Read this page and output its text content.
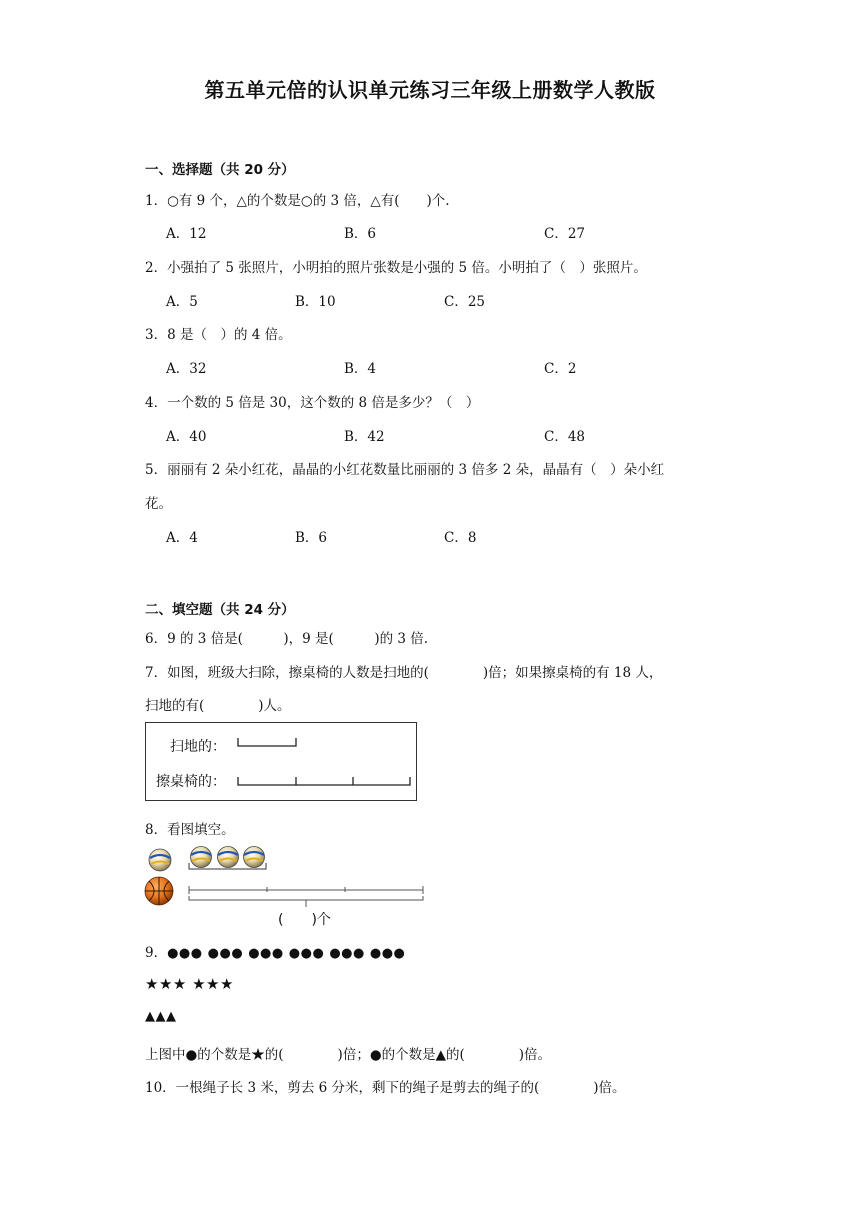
第五单元倍的认识单元练习三年级上册数学人教版
一、选择题（共 20 分）
1．○有 9 个，△的个数是○的 3 倍，△有(　　)个.
A．12	B．6	C．27
2．小强拍了 5 张照片，小明拍的照片张数是小强的 5 倍。小明拍了（　）张照片。
A．5	B．10	C．25
3．8 是（　）的 4 倍。
A．32	B．4	C．2
4．一个数的 5 倍是 30，这个数的 8 倍是多少？（　）
A．40	B．42	C．48
5．丽丽有 2 朵小红花，晶晶的小红花数量比丽丽的 3 倍多 2 朵，晶晶有（　）朵小红
花。
A．4	B．6	C．8
二、填空题（共 24 分）
6．9 的 3 倍是(　　　)，9 是(　　　)的 3 倍.
7．如图，班级大扫除，擦桌椅的人数是扫地的(　　　　)倍；如果擦桌椅的有 18 人，
扫地的有(　　　　)人。
扫地的：
擦桌椅的：
8．看图填空。
(　　)个
9．●●● ●●● ●●● ●●● ●●● ●●●
★★★ ★★★
▲▲▲
上图中●的个数是★的(　　　　)倍；●的个数是▲的(　　　　)倍。
10．一根绳子长 3 米，剪去 6 分米，剩下的绳子是剪去的绳子的(　　　　)倍。
